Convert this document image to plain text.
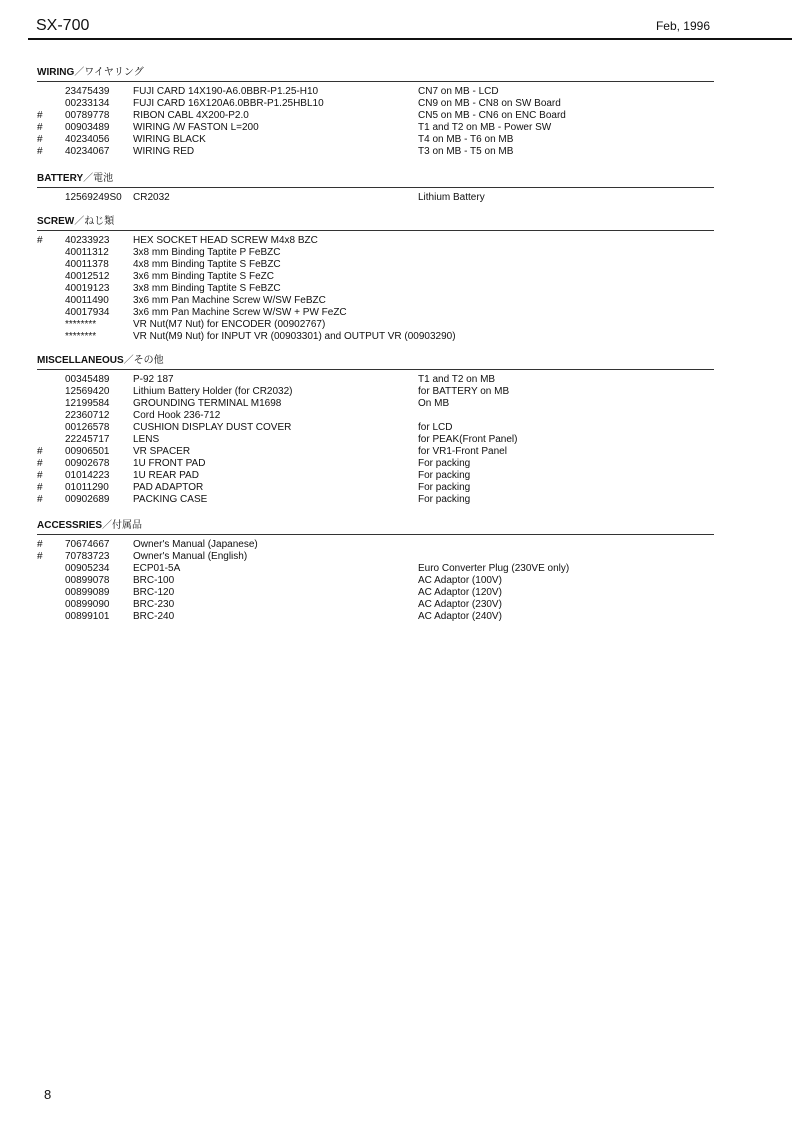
SX-700	Feb, 1996
WIRING／ワイヤリング
23475439 FUJI CARD 14X190-A6.0BBR-P1.25-H10	CN7 on MB - LCD
00233134 FUJI CARD 16X120A6.0BBR-P1.25HBL10	CN9 on MB - CN8 on SW Board
# 00789778 RIBON CABL 4X200-P2.0	CN5 on MB - CN6 on ENC Board
# 00903489 WIRING /W FASTON L=200	T1 and T2 on MB - Power SW
# 40234056 WIRING BLACK	T4 on MB - T6 on MB
# 40234067 WIRING RED	T3 on MB - T5 on MB
BATTERY／電池
12569249S0 CR2032	Lithium Battery
SCREW／ねじ類
# 40233923 HEX SOCKET HEAD SCREW M4x8 BZC
40011312 3x8 mm Binding Taptite P FeBZC
40011378 4x8 mm Binding Taptite S FeBZC
40012512 3x6 mm Binding Taptite S FeZC
40019123 3x8 mm Binding Taptite S FeBZC
40011490 3x6 mm Pan Machine Screw W/SW FeBZC
40017934 3x6 mm Pan Machine Screw W/SW + PW FeZC
********	VR Nut(M7 Nut) for ENCODER (00902767)
********	VR Nut(M9 Nut) for INPUT VR (00903301) and OUTPUT VR (00903290)
MISCELLANEOUS／その他
00345489 P-92 187	T1 and T2 on MB
12569420 Lithium Battery Holder (for CR2032)	for BATTERY on MB
12199584 GROUNDING TERMINAL M1698	On MB
22360712 Cord Hook 236-712
00126578 CUSHION DISPLAY DUST COVER	for LCD
22245717 LENS	for PEAK(Front Panel)
# 00906501 VR SPACER	for VR1-Front Panel
# 00902678 1U FRONT PAD	For packing
# 01014223 1U REAR PAD	For packing
# 01011290 PAD ADAPTOR	For packing
# 00902689 PACKING CASE	For packing
ACCESSRIES／付属品
# 70674667 Owner's Manual (Japanese)
# 70783723 Owner's Manual (English)
00905234 ECP01-5A	Euro Converter Plug (230VE only)
00899078 BRC-100	AC Adaptor (100V)
00899089 BRC-120	AC Adaptor (120V)
00899090 BRC-230	AC Adaptor (230V)
00899101 BRC-240	AC Adaptor (240V)
8
